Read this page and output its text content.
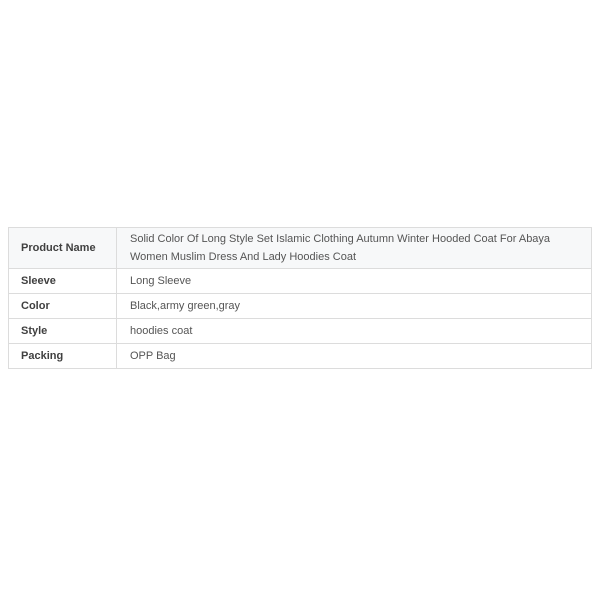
Product Name	Solid Color Of Long Style Set Islamic Clothing Autumn Winter Hooded Coat For Abaya Women Muslim Dress And Lady Hoodies Coat
Sleeve	Long Sleeve
Color	Black,army green,gray
Style	hoodies coat
Packing	OPP Bag
